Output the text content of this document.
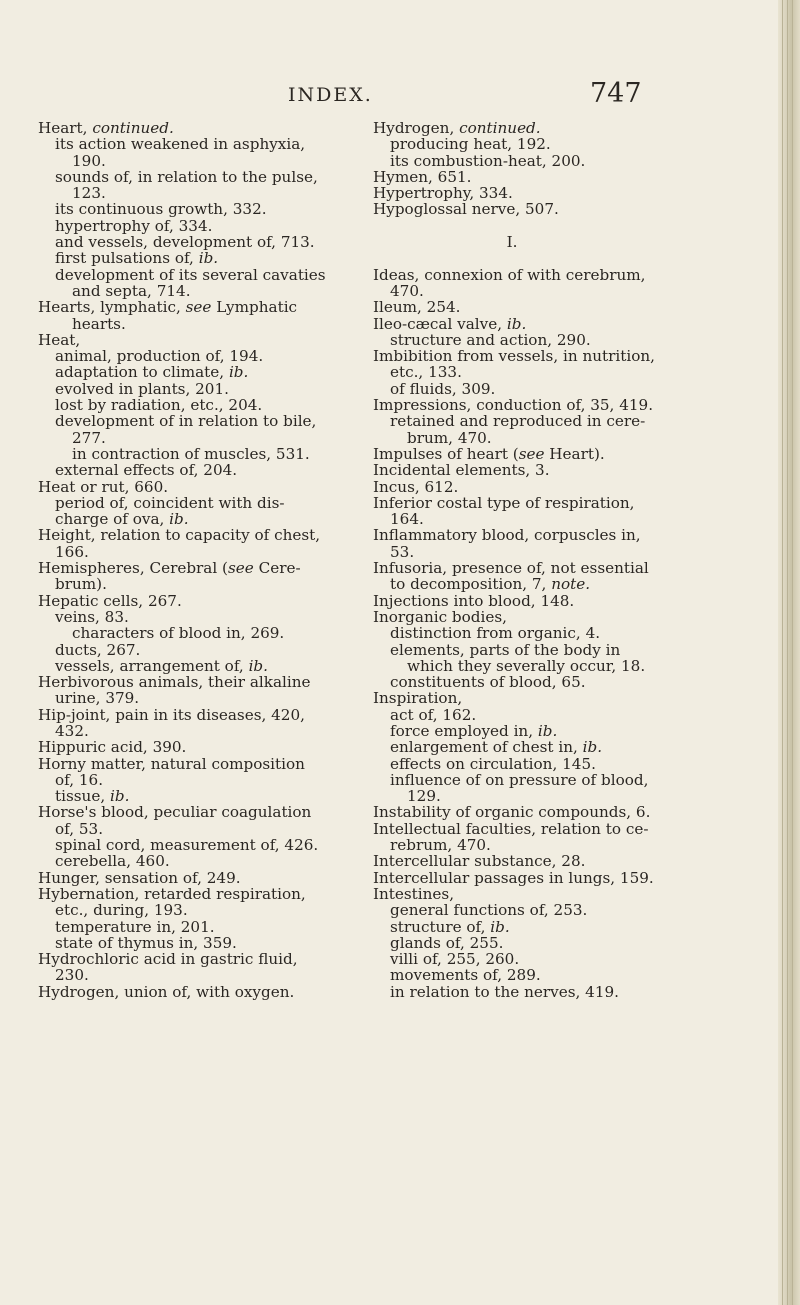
INDEX.	747
Heart, continued.
its action weakened in asphyxia,
190.
sounds of, in relation to the pulse,
123.
its continuous growth, 332.
hypertrophy of, 334.
and vessels, development of, 713.
first pulsations of, ib.
development of its several cavaties
and septa, 714.
Hearts, lymphatic, see Lymphatic
hearts.
Heat,
animal, production of, 194.
adaptation to climate, ib.
evolved in plants, 201.
lost by radiation, etc., 204.
development of in relation to bile,
277.
in contraction of muscles, 531.
external effects of, 204.
Heat or rut, 660.
period of, coincident with dis-
charge of ova, ib.
Height, relation to capacity of chest,
166.
Hemispheres, Cerebral (see Cere-
brum).
Hepatic cells, 267.
veins, 83.
characters of blood in, 269.
ducts, 267.
vessels, arrangement of, ib.
Herbivorous animals, their alkaline
urine, 379.
Hip-joint, pain in its diseases, 420,
432.
Hippuric acid, 390.
Horny matter, natural composition
of, 16.
tissue, ib.
Horse's blood, peculiar coagulation
of, 53.
spinal cord, measurement of, 426.
cerebella, 460.
Hunger, sensation of, 249.
Hybernation, retarded respiration,
etc., during, 193.
temperature in, 201.
state of thymus in, 359.
Hydrochloric acid in gastric fluid,
230.
Hydrogen, union of, with oxygen.
Hydrogen, continued.
producing heat, 192.
its combustion-heat, 200.
Hymen, 651.
Hypertrophy, 334.
Hypoglossal nerve, 507.
I.
Ideas, connexion of with cerebrum,
470.
Ileum, 254.
Ileo-cæcal valve, ib.
structure and action, 290.
Imbibition from vessels, in nutrition,
etc., 133.
of fluids, 309.
Impressions, conduction of, 35, 419.
retained and reproduced in cere-
brum, 470.
Impulses of heart (see Heart).
Incidental elements, 3.
Incus, 612.
Inferior costal type of respiration,
164.
Inflammatory blood, corpuscles in,
53.
Infusoria, presence of, not essential
to decomposition, 7, note.
Injections into blood, 148.
Inorganic bodies,
distinction from organic, 4.
elements, parts of the body in
which they severally occur, 18.
constituents of blood, 65.
Inspiration,
act of, 162.
force employed in, ib.
enlargement of chest in, ib.
effects on circulation, 145.
influence of on pressure of blood,
129.
Instability of organic compounds, 6.
Intellectual faculties, relation to ce-
rebrum, 470.
Intercellular substance, 28.
Intercellular passages in lungs, 159.
Intestines,
general functions of, 253.
structure of, ib.
glands of, 255.
villi of, 255, 260.
movements of, 289.
in relation to the nerves, 419.
